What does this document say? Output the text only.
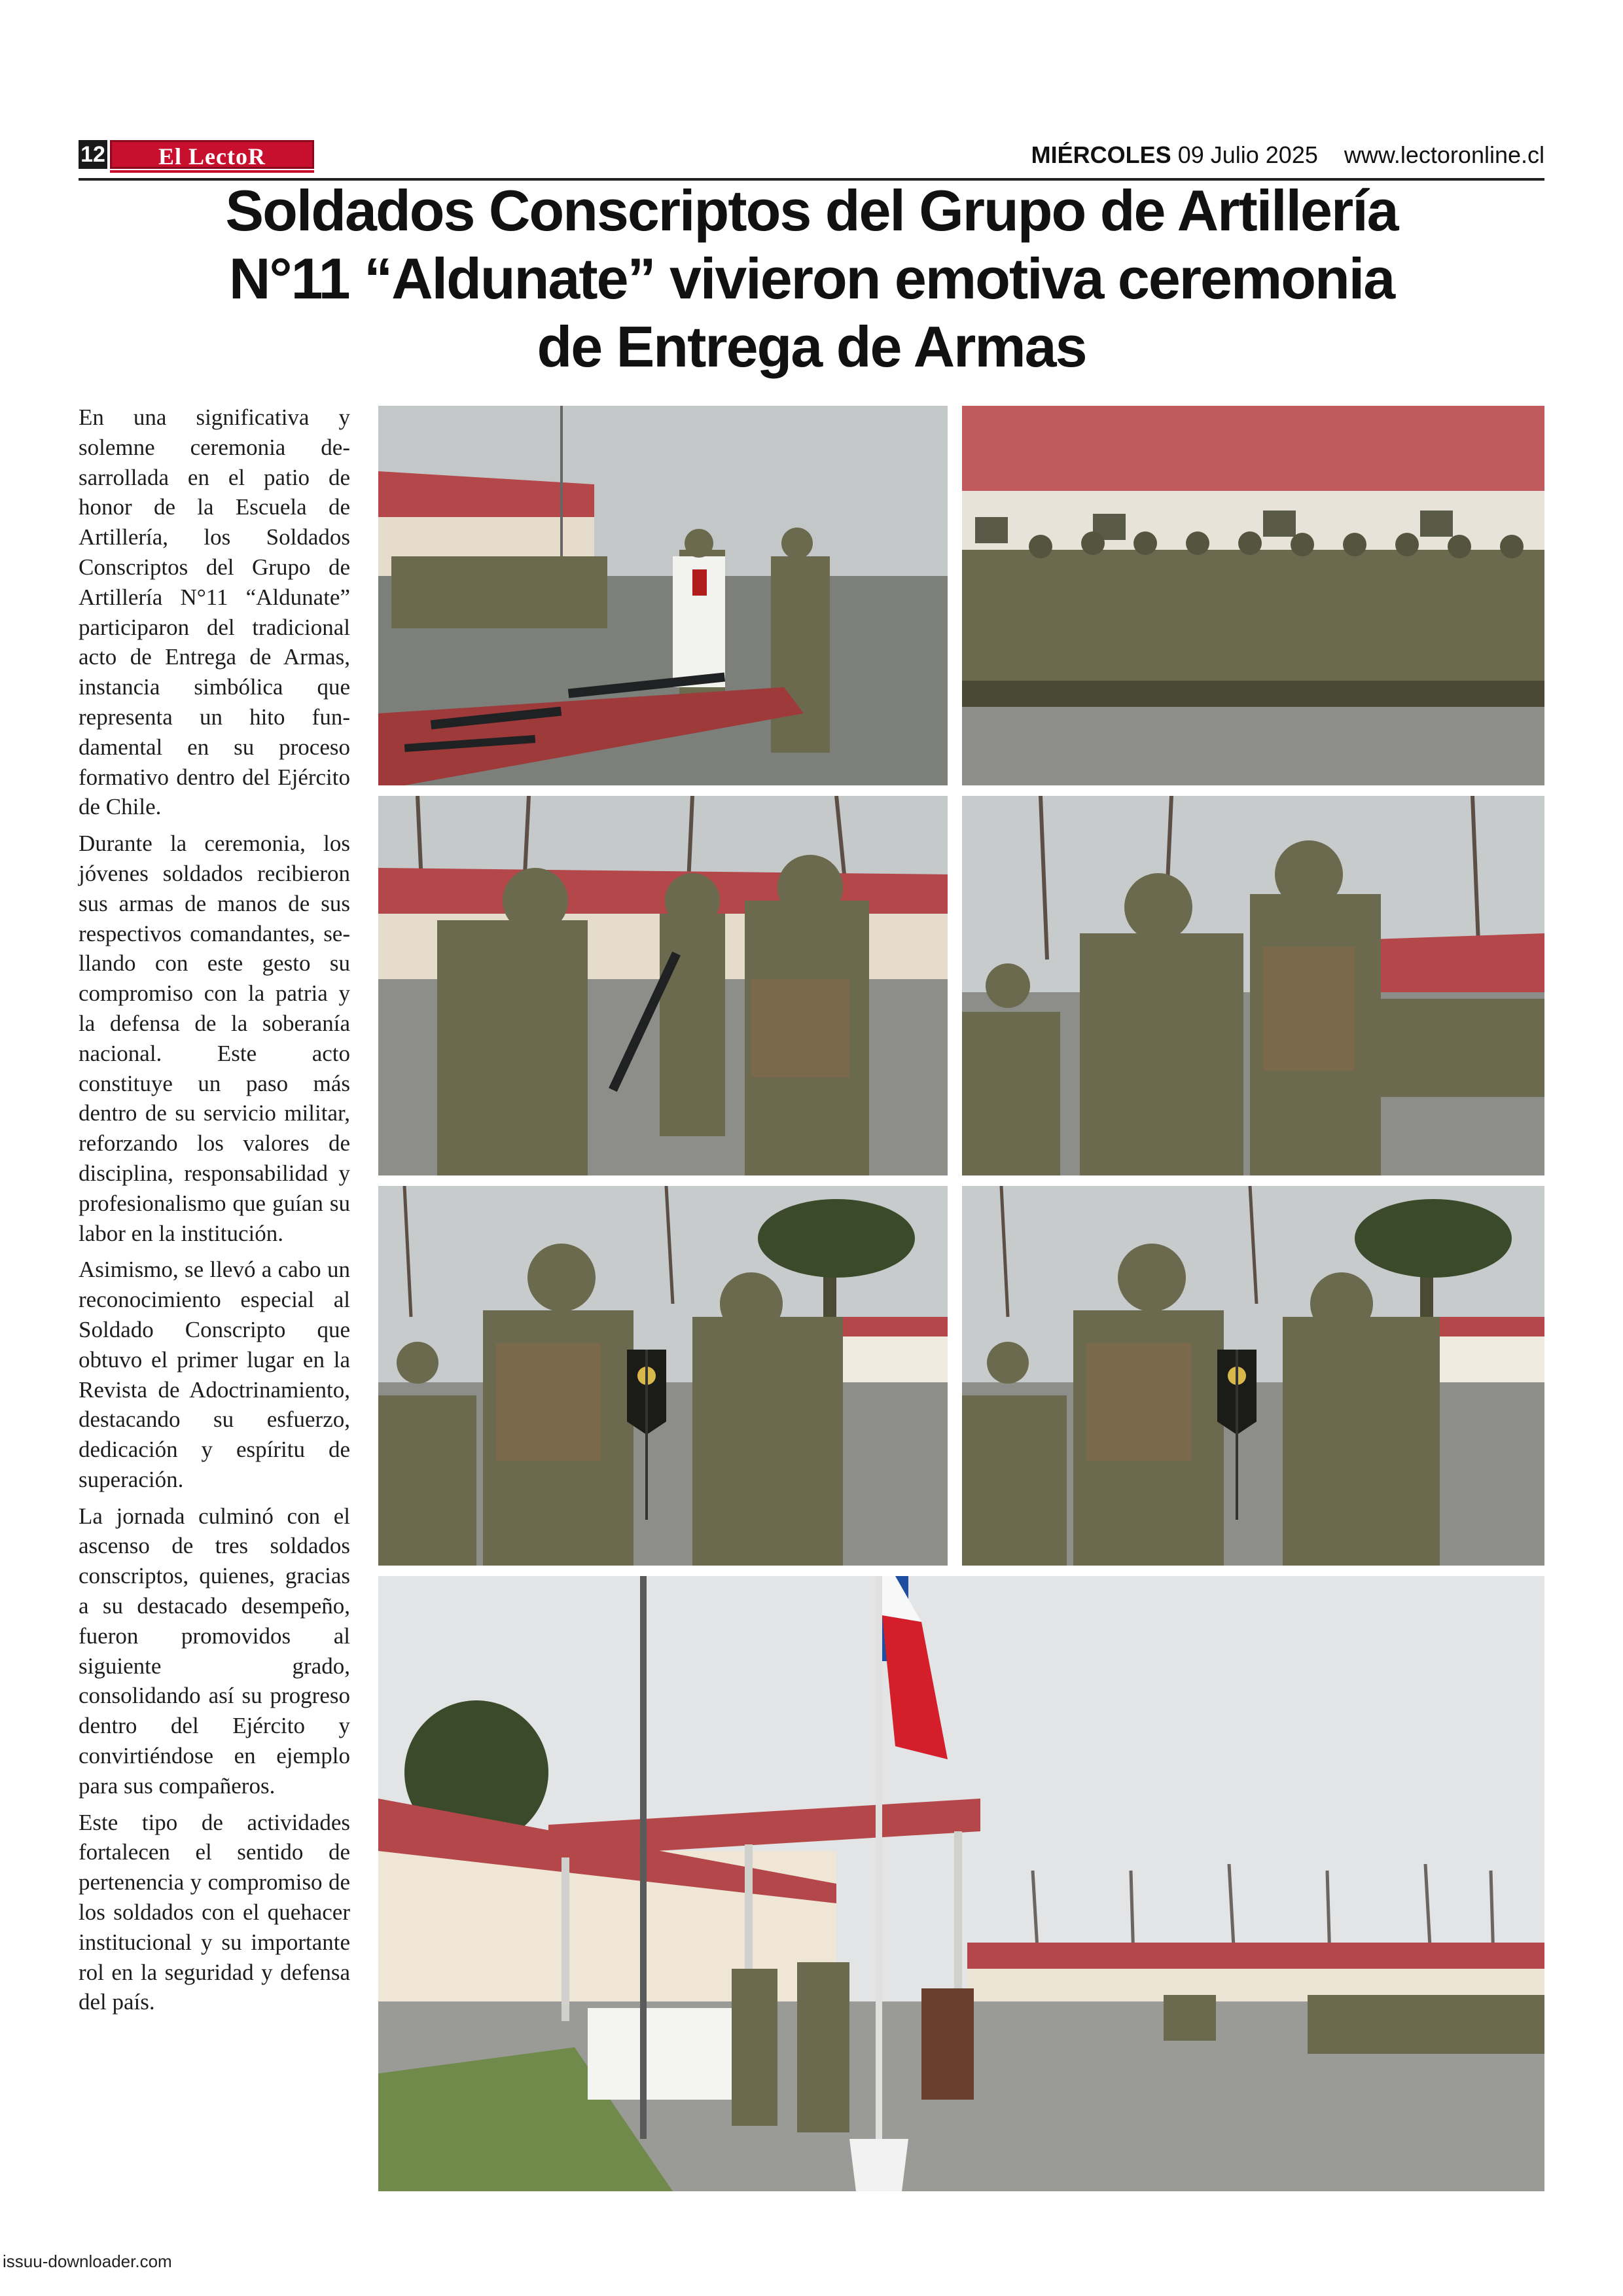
12	El LectoR	MIÉRCOLES 09 Julio 2025 www.lectoronline.cl
Soldados Conscriptos del Grupo de Artillería
N°11 “Aldunate” vivieron emotiva ceremonia
de Entrega de Armas

En una significativa y solemne ceremonia desarrollada en el patio de honor de la Escuela de Artillería, los Soldados Conscriptos del Grupo de Artillería N°11 “Aldunate” participaron del tradicional acto de Entrega de Armas, instancia simbólica que representa un hito fundamental en su proceso formativo dentro del Ejército de Chile.

Durante la ceremonia, los jóvenes soldados recibieron sus armas de manos de sus respectivos comandantes, sellando con este gesto su compromiso con la patria y la defensa de la soberanía nacional. Este acto constituye un paso más dentro de su servicio militar, reforzando los valores de disciplina, responsabilidad y profesionalismo que guían su labor en la institución.

Asimismo, se llevó a cabo un reconocimiento especial al Soldado Conscripto que obtuvo el primer lugar en la Revista de Adoctrinamiento, destacando su esfuerzo, dedicación y espíritu de superación.

La jornada culminó con el ascenso de tres soldados conscriptos, quienes, gracias a su destacado desempeño, fueron promovidos al siguiente grado, consolidando así su progreso dentro del Ejército y convirtiéndose en ejemplo para sus compañeros.

Este tipo de actividades fortalecen el sentido de pertenencia y compromiso de los soldados con el quehacer institucional y su importante rol en la seguridad y defensa del país.

issuu-downloader.com
